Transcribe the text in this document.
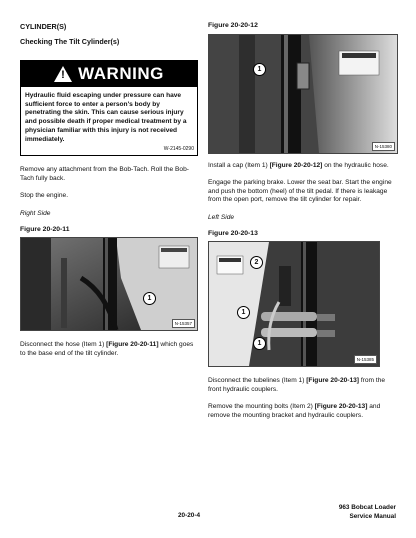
CYLINDER(S)
Checking The Tilt Cylinder(s)
! WARNING
Hydraulic fluid escaping under pressure can have sufficient force to enter a person's body by penetrating the skin. This can cause serious injury and possible death if proper medical treatment by a physician familiar with this injury is not received immediately.
W-2145-0290
Remove any attachment from the Bob-Tach. Roll the Bob-Tach fully back.
Stop the engine.
Right Side
Figure 20-20-11
1
N-15357
Disconnect the hose (Item 1) [Figure 20-20-11] which goes to the base end of the tilt cylinder.
Figure 20-20-12
1
N-15380
Install a cap (Item 1) [Figure 20-20-12] on the hydraulic hose.
Engage the parking brake. Lower the seat bar. Start the engine and push the bottom (heel) of the tilt pedal. If there is leakage from the open port, remove the tilt cylinder for repair.
Left Side
Figure 20-20-13
2
1
1
N-15385
Disconnect the tubelines (Item 1) [Figure 20-20-13] from the front hydraulic couplers.
Remove the mounting bolts (Item 2) [Figure 20-20-13] and remove the mounting bracket and hydraulic couplers.
20-20-4
963 Bobcat Loader
Service Manual
